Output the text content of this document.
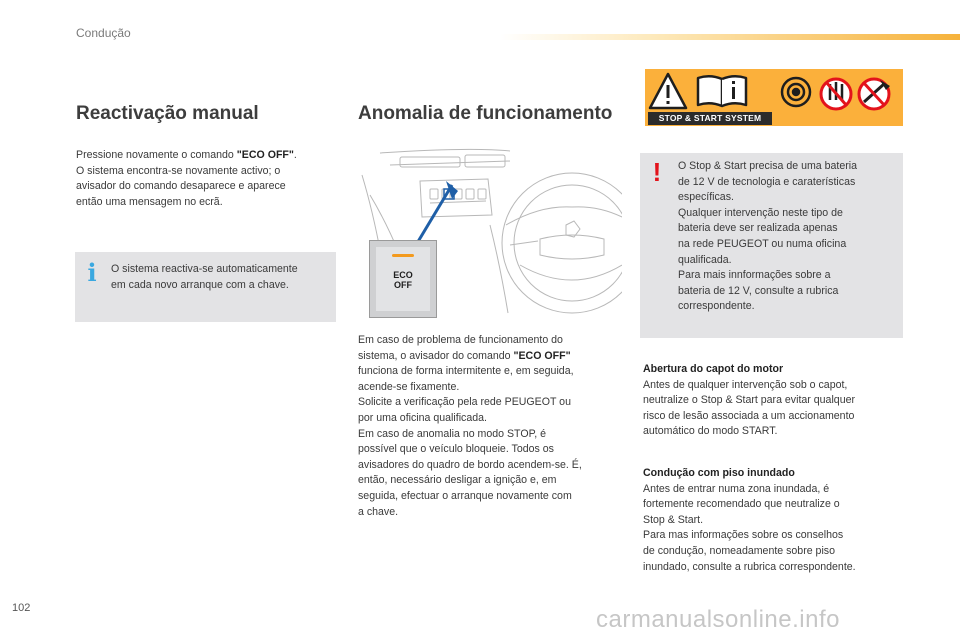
Condução
Reactivação manual

Pressione novamente o comando "ECO OFF".

O sistema encontra-se novamente activo; o

avisador do comando desaparece e aparece

então uma mensagem no ecrã.

i	O sistema reactiva-se automaticamente

em cada novo arranque com a chave.

Anomalia de funcionamento
ECO
OFF

Em caso de problema de funcionamento do

sistema, o avisador do comando "ECO OFF"

funciona de forma intermitente e, em seguida,

acende-se fixamente.

Solicite a verificação pela rede PEUGEOT ou

por uma oficina qualificada.

Em caso de anomalia no modo STOP, é

possível que o veículo bloqueie. Todos os

avisadores do quadro de bordo acendem-se. É,

então, necessário desligar a ignição e, em

seguida, efectuar o arranque novamente com

a chave.

STOP & START SYSTEM
! O Stop & Start precisa de uma bateria

de 12 V de tecnologia e caraterísticas

específicas.

Qualquer intervenção neste tipo de

bateria deve ser realizada apenas

na rede PEUGEOT ou numa oficina

qualificada.

Para mais innformações sobre a

bateria de 12 V, consulte a rubrica

correspondente.

Abertura do capot do motor

Antes de qualquer intervenção sob o capot,

neutralize o Stop & Start para evitar qualquer

risco de lesão associada a um accionamento

automático do modo START.

Condução com piso inundado

Antes de entrar numa zona inundada, é

fortemente recomendado que neutralize o

Stop & Start.

Para mas informações sobre os conselhos

de condução, nomeadamente sobre piso

inundado, consulte a rubrica correspondente.

102	carmanualsonline.info
